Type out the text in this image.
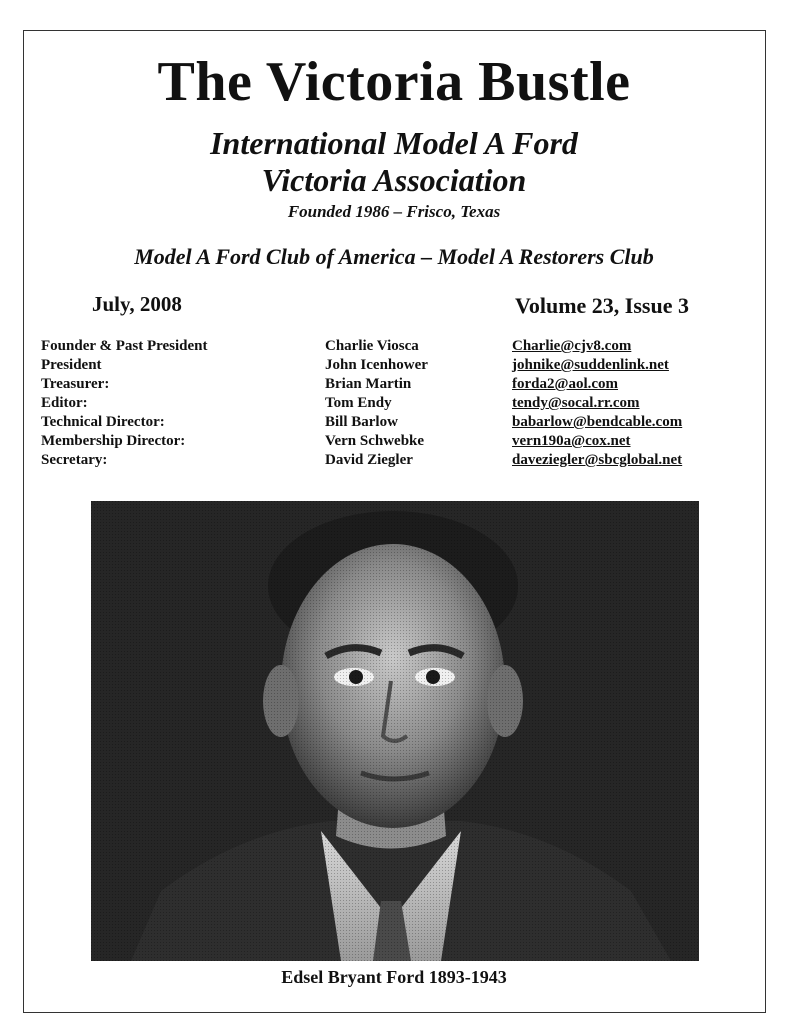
The Victoria Bustle
International Model A Ford
Victoria Association
Founded 1986 – Frisco, Texas
Model A Ford Club of America – Model A Restorers Club
July, 2008	Volume 23, Issue 3
Founder & Past President	Charlie Viosca	Charlie@cjv8.com
President	John Icenhower	johnike@suddenlink.net
Treasurer:	Brian Martin	forda2@aol.com
Editor:	Tom Endy	tendy@socal.rr.com
Technical Director:	Bill Barlow	babarlow@bendcable.com
Membership Director:	Vern Schwebke	vern190a@cox.net
Secretary:	David Ziegler	daveziegler@sbcglobal.net
Edsel Bryant Ford 1893-1943
